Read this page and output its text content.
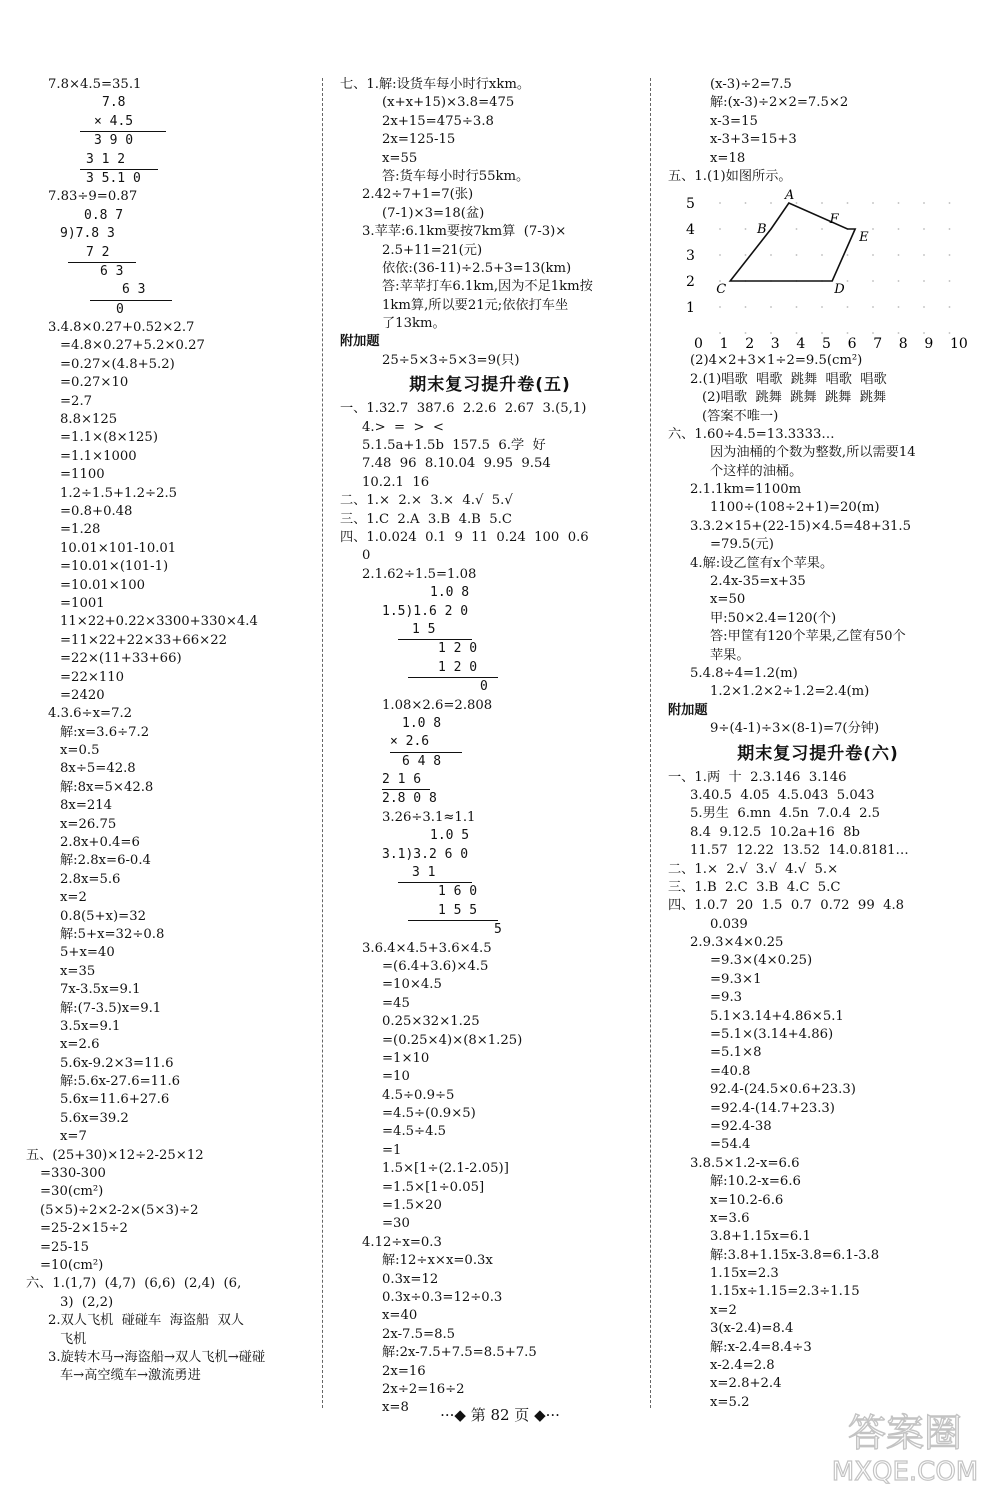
7.8×4.5=35.1
7.8
× 4.5
3 9 0
3 1 2
3 5.1 0
7.83÷9=0.87
0.8 7
9)7.8 3
7 2
6 3
6 3
0
3.4.8×0.27+0.52×2.7
=4.8×0.27+5.2×0.27
=0.27×(4.8+5.2)
=0.27×10
=2.7
8.8×125
=1.1×(8×125)
=1.1×1000
=1100
1.2÷1.5+1.2÷2.5
=0.8+0.48
=1.28
10.01×101-10.01
=10.01×(101-1)
=10.01×100
=1001
11×22+0.22×3300+330×4.4
=11×22+22×33+66×22
=22×(11+33+66)
=22×110
=2420
4.3.6÷x=7.2
解:x=3.6÷7.2
x=0.5
8x÷5=42.8
解:8x=5×42.8
8x=214
x=26.75
2.8x+0.4=6
解:2.8x=6-0.4
2.8x=5.6
x=2
0.8(5+x)=32
解:5+x=32÷0.8
5+x=40
x=35
7x-3.5x=9.1
解:(7-3.5)x=9.1
3.5x=9.1
x=2.6
5.6x-9.2×3=11.6
解:5.6x-27.6=11.6
5.6x=11.6+27.6
5.6x=39.2
x=7
五、(25+30)×12÷2-25×12
=330-300
=30(cm²)
(5×5)÷2×2-2×(5×3)÷2
=25-2×15÷2
=25-15
=10(cm²)
六、1.(1,7)  (4,7)  (6,6)  (2,4)  (6,
3)  (2,2)
2.双人飞机  碰碰车  海盗船  双人
飞机
3.旋转木马→海盗船→双人飞机→碰碰
车→高空缆车→激流勇进
七、1.解:设货车每小时行xkm。
(x+x+15)×3.8=475
2x+15=475÷3.8
2x=125-15
x=55
答:货车每小时行55km。
2.42÷7+1=7(张)
(7-1)×3=18(盆)
3.苹苹:6.1km要按7km算  (7-3)×
2.5+11=21(元)
依依:(36-11)÷2.5+3=13(km)
答:苹苹打车6.1km,因为不足1km按
1km算,所以要21元;依依打车坐
了13km。
附加题
25÷5×3÷5×3=9(只)
期末复习提升卷(五)
一、1.32.7  387.6  2.2.6  2.67  3.(5,1)
4.>  =  >  <
5.1.5a+1.5b  157.5  6.学  好
7.48  96  8.10.04  9.95  9.54
10.2.1  16
二、1.×  2.×  3.×  4.√  5.√
三、1.C  2.A  3.B  4.B  5.C
四、1.0.024  0.1  9  11  0.24  100  0.6
0
2.1.62÷1.5=1.08
1.0 8
1.5)1.6 2 0
1 5
1 2 0
1 2 0
0
1.08×2.6=2.808
1.0 8
× 2.6
6 4 8
2 1 6
2.8 0 8
3.26÷3.1≈1.1
1.0 5
3.1)3.2 6 0
3 1
1 6 0
1 5 5
5
3.6.4×4.5+3.6×4.5
=(6.4+3.6)×4.5
=10×4.5
=45
0.25×32×1.25
=(0.25×4)×(8×1.25)
=1×10
=10
4.5÷0.9÷5
=4.5÷(0.9×5)
=4.5÷4.5
=1
1.5×[1÷(2.1-2.05)]
=1.5×[1÷0.05]
=1.5×20
=30
4.12÷x=0.3
解:12÷x×x=0.3x
0.3x=12
0.3x÷0.3=12÷0.3
x=40
2x-7.5=8.5
解:2x-7.5+7.5=8.5+7.5
2x=16
2x÷2=16÷2
x=8
(x-3)÷2=7.5
解:(x-3)÷2×2=7.5×2
x-3=15
x-3+3=15+3
x=18
五、1.(1)如图所示。
5
4
3
2
1
0 1 2 3 4 5 6 7 8 9 10
A
B
F
E
C	D
(2)4×2+3×1÷2=9.5(cm²)
2.(1)唱歌  唱歌  跳舞  唱歌  唱歌
(2)唱歌  跳舞  跳舞  跳舞  跳舞
(答案不唯一)
六、1.60÷4.5=13.3333…
因为油桶的个数为整数,所以需要14
个这样的油桶。
2.1.1km=1100m
1100÷(108÷2+1)=20(m)
3.3.2×15+(22-15)×4.5=48+31.5
=79.5(元)
4.解:设乙筐有x个苹果。
2.4x-35=x+35
x=50
甲:50×2.4=120(个)
答:甲筐有120个苹果,乙筐有50个
苹果。
5.4.8÷4=1.2(m)
1.2×1.2×2÷1.2=2.4(m)
附加题
9÷(4-1)÷3×(8-1)=7(分钟)
期末复习提升卷(六)
一、1.两  十  2.3.146  3.146
3.40.5  4.05  4.5.043  5.043
5.男生  6.mn  4.5n  7.0.4  2.5
8.4  9.12.5  10.2a+16  8b
11.57  12.22  13.52  14.0.8181…
二、1.×  2.√  3.√  4.√  5.×
三、1.B  2.C  3.B  4.C  5.C
四、1.0.7  20  1.5  0.7  0.72  99  4.8
0.039
2.9.3×4×0.25
=9.3×(4×0.25)
=9.3×1
=9.3
5.1×3.14+4.86×5.1
=5.1×(3.14+4.86)
=5.1×8
=40.8
92.4-(24.5×0.6+23.3)
=92.4-(14.7+23.3)
=92.4-38
=54.4
3.8.5×1.2-x=6.6
解:10.2-x=6.6
x=10.2-6.6
x=3.6
3.8+1.15x=6.1
解:3.8+1.15x-3.8=6.1-3.8
1.15x=2.3
1.15x÷1.15=2.3÷1.15
x=2
3(x-2.4)=8.4
解:x-2.4=8.4÷3
x-2.4=2.8
x=2.8+2.4
x=5.2
···◆ 第 82 页 ◆···	答案圈
MXQE.COM
